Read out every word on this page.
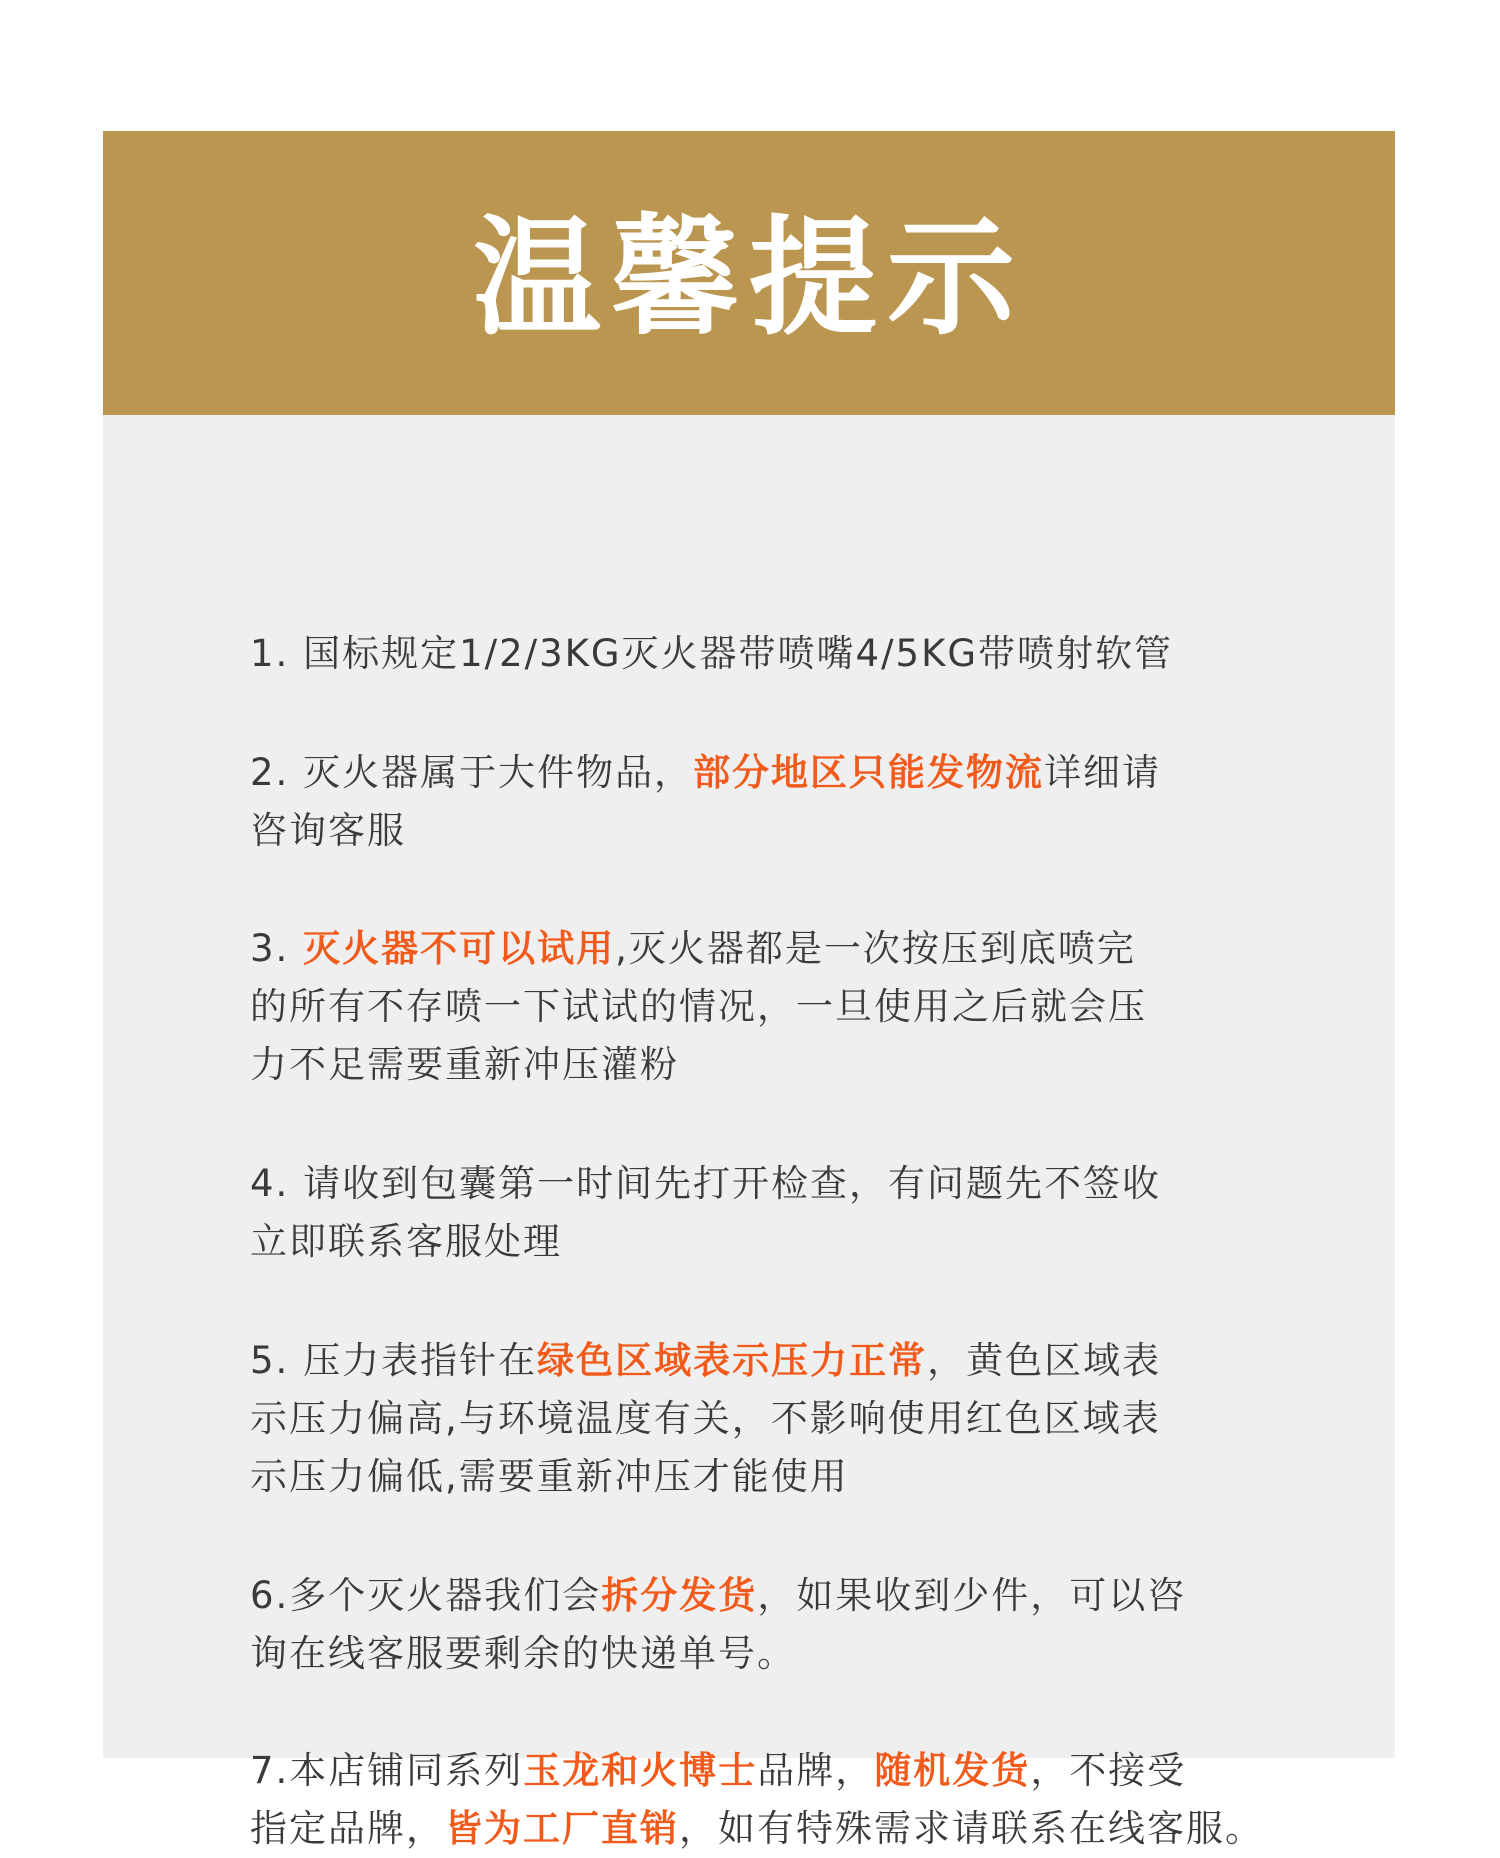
温馨提示
1. 国标规定1/2/3KG灭火器带喷嘴4/5KG带喷射软管
2. 灭火器属于大件物品，部分地区只能发物流详细请
咨询客服
3. 灭火器不可以试用,灭火器都是一次按压到底喷完
的所有不存喷一下试试的情况，一旦使用之后就会压
力不足需要重新冲压灌粉
4. 请收到包囊第一时间先打开检查，有问题先不签收
立即联系客服处理
5. 压力表指针在绿色区域表示压力正常，黄色区域表
示压力偏高,与环境温度有关，不影响使用红色区域表
示压力偏低,需要重新冲压才能使用
6.多个灭火器我们会拆分发货，如果收到少件，可以咨
询在线客服要剩余的快递单号。
7.本店铺同系列玉龙和火博士品牌，随机发货，不接受
指定品牌，皆为工厂直销，如有特殊需求请联系在线客服。
